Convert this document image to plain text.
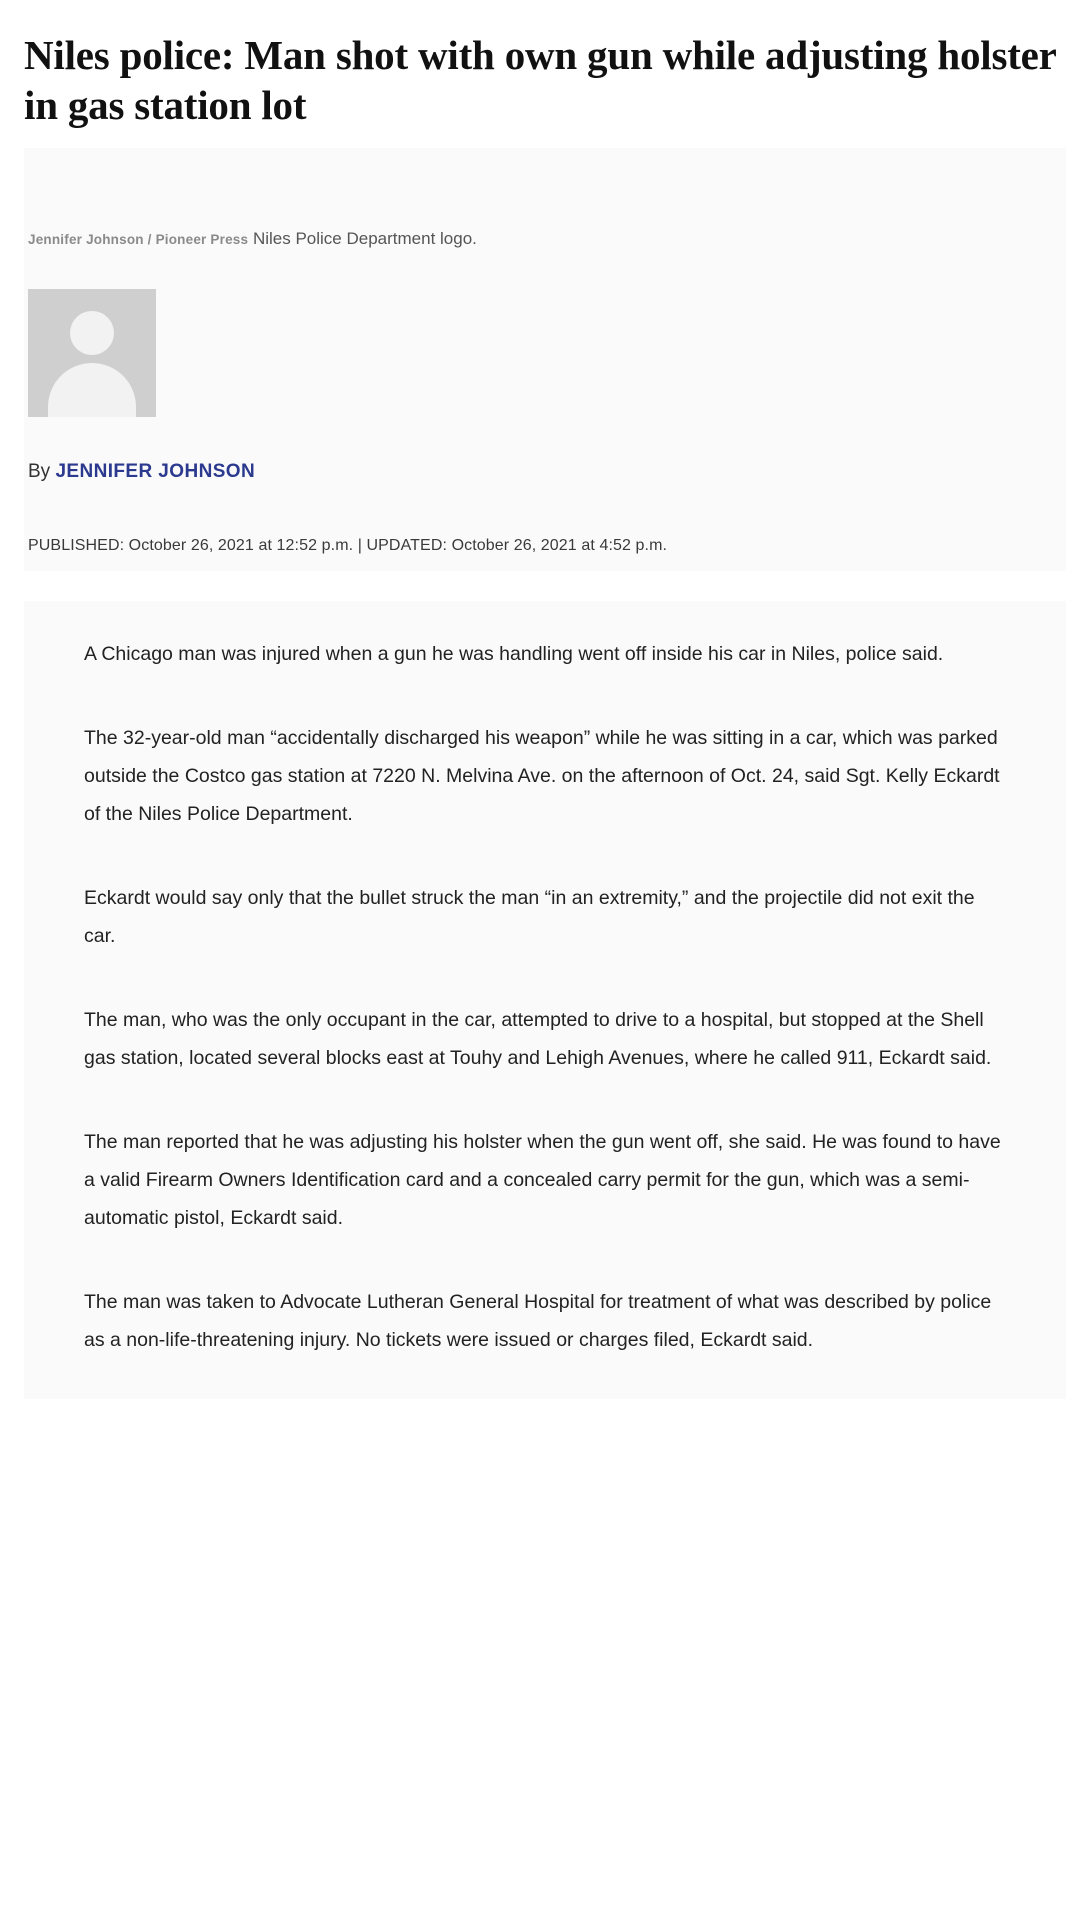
Niles police: Man shot with own gun while adjusting holster in gas station lot
Jennifer Johnson / Pioneer Press Niles Police Department logo.
By JENNIFER JOHNSON
PUBLISHED: October 26, 2021 at 12:52 p.m. | UPDATED: October 26, 2021 at 4:52 p.m.

A Chicago man was injured when a gun he was handling went off inside his car in Niles, police said.

The 32-year-old man “accidentally discharged his weapon” while he was sitting in a car, which was parked outside the Costco gas station at 7220 N. Melvina Ave. on the afternoon of Oct. 24, said Sgt. Kelly Eckardt of the Niles Police Department.

Eckardt would say only that the bullet struck the man “in an extremity,” and the projectile did not exit the car.

The man, who was the only occupant in the car, attempted to drive to a hospital, but stopped at the Shell gas station, located several blocks east at Touhy and Lehigh Avenues, where he called 911, Eckardt said.

The man reported that he was adjusting his holster when the gun went off, she said. He was found to have a valid Firearm Owners Identification card and a concealed carry permit for the gun, which was a semi-automatic pistol, Eckardt said.

The man was taken to Advocate Lutheran General Hospital for treatment of what was described by police as a non-life-threatening injury. No tickets were issued or charges filed, Eckardt said.
